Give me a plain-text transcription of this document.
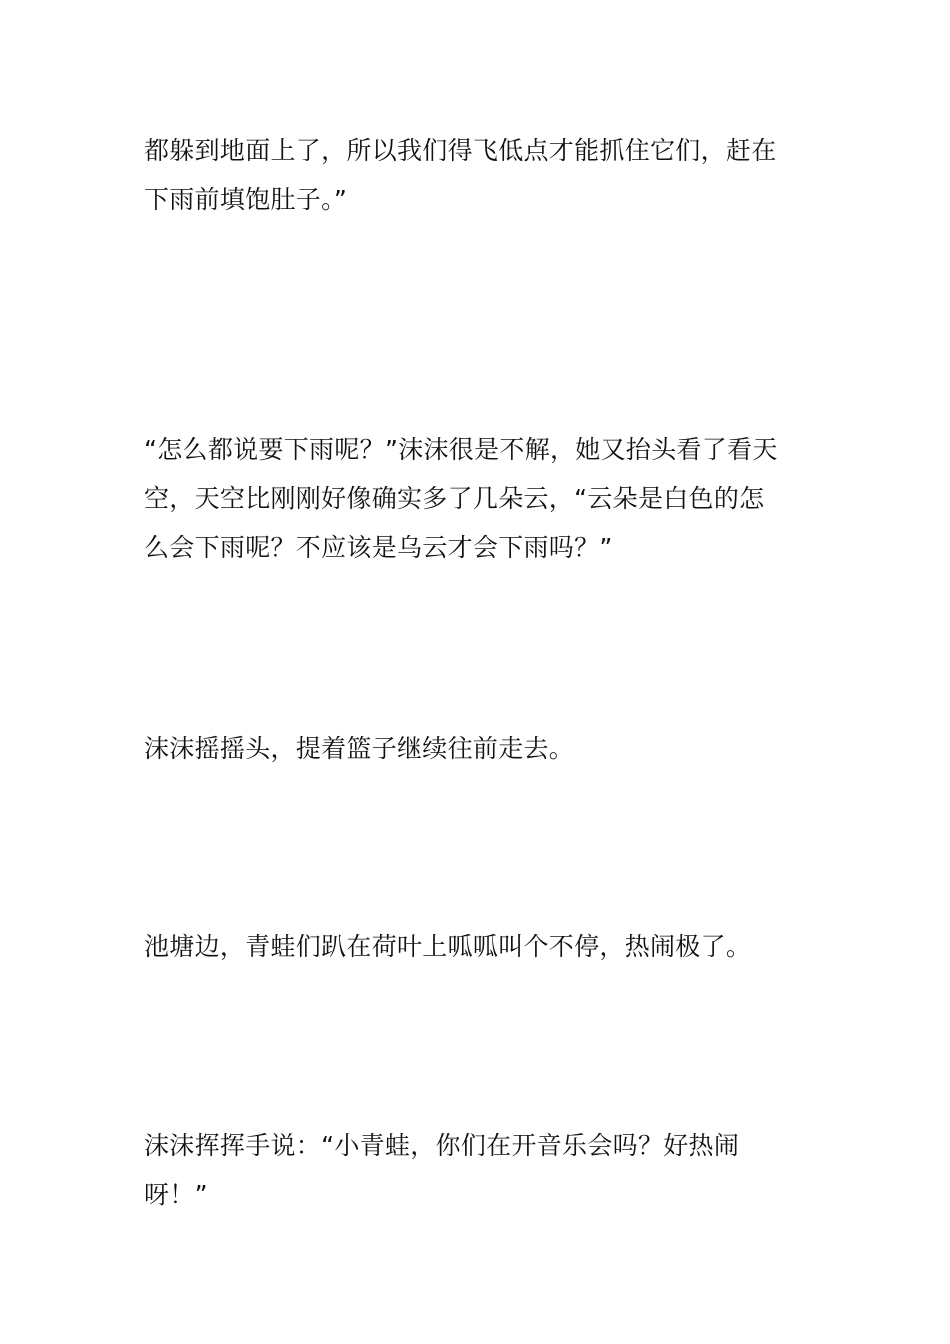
都躲到地面上了，所以我们得飞低点才能抓住它们，赶在
下雨前填饱肚子。”

“怎么都说要下雨呢？”沫沫很是不解，她又抬头看了看天
空，天空比刚刚好像确实多了几朵云，“云朵是白色的怎
么会下雨呢？不应该是乌云才会下雨吗？”

沫沫摇摇头，提着篮子继续往前走去。

池塘边，青蛙们趴在荷叶上呱呱叫个不停，热闹极了。

沫沫挥挥手说：“小青蛙，你们在开音乐会吗？好热闹
呀！”
